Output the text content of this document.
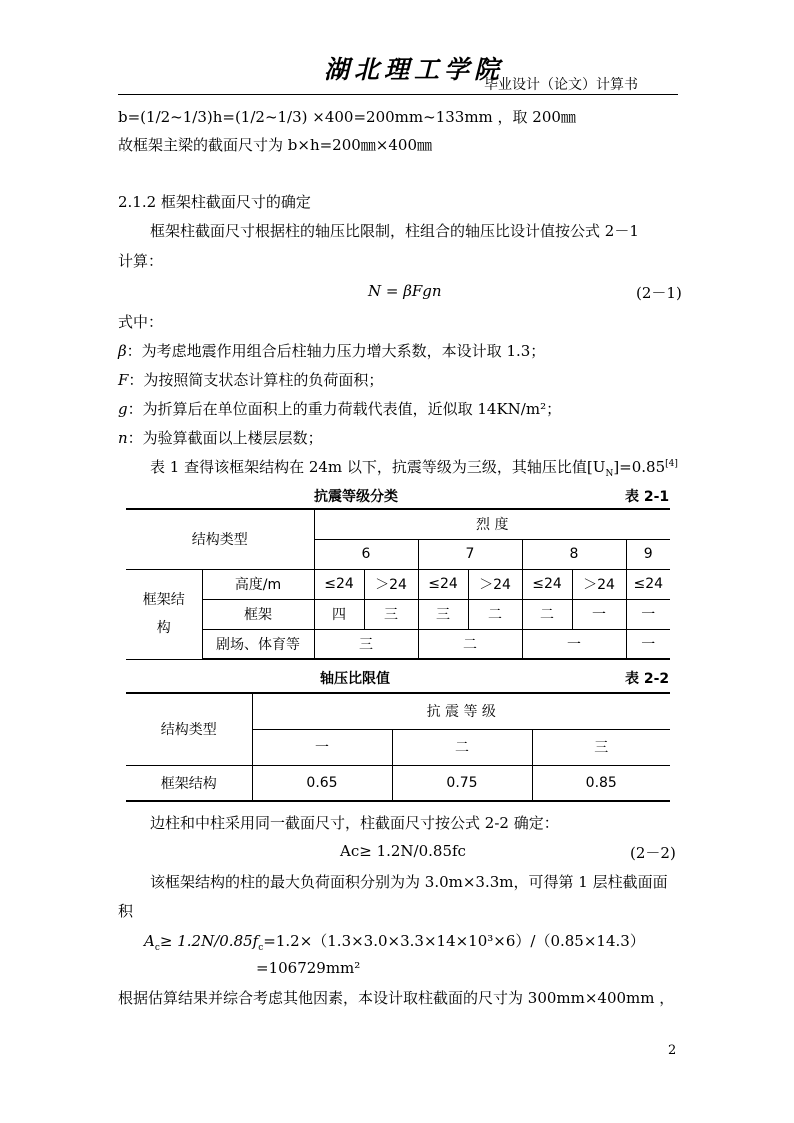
湖北理工学院
毕业设计（论文）计算书
b=(1/2~1/3)h=(1/2~1/3) ×400=200mm~133mm ，取 200㎜
故框架主梁的截面尺寸为 b×h=200㎜×400㎜
2.1.2 框架柱截面尺寸的确定
框架柱截面尺寸根据柱的轴压比限制，柱组合的轴压比设计值按公式 2－1
计算：
N = βFgn	(2－1)
式中：
β：为考虑地震作用组合后柱轴力压力增大系数，本设计取 1.3；
F：为按照简支状态计算柱的负荷面积；
g：为折算后在单位面积上的重力荷载代表值，近似取 14KN/m²；
n：为验算截面以上楼层层数；
表 1 查得该框架结构在 24m 以下，抗震等级为三级，其轴压比值$[U_N]=0.85[4]$
抗震等级分类	表 2-1
结构类型		烈 度						
		6		7		8		9
框架结构	高度/m	≤24	＞24	≤24	＞24	≤24	＞24	≤24
	框架	四	三	三	二	二	一	一
	剧场、体育等	三		二		一		一
轴压比限值	表 2-2
结构类型	抗 震 等 级		
	一	二	三
框架结构	0.65	0.75	0.85
边柱和中柱采用同一截面尺寸，柱截面尺寸按公式 2-2 确定：
Ac≥ 1.2N/0.85fc	(2－2)
该框架结构的柱的最大负荷面积分别为为 3.0m×3.3m，可得第 1 层柱截面面
积
$A_c\ge 1.2N/0.85f_c=1.2\times(1.3\times 3.0\times 3.3\times 14\times 10^3\times 6)/(0.85\times 14.3)$
=106729mm²
根据估算结果并综合考虑其他因素，本设计取柱截面的尺寸为 300mm×400mm ，
2
